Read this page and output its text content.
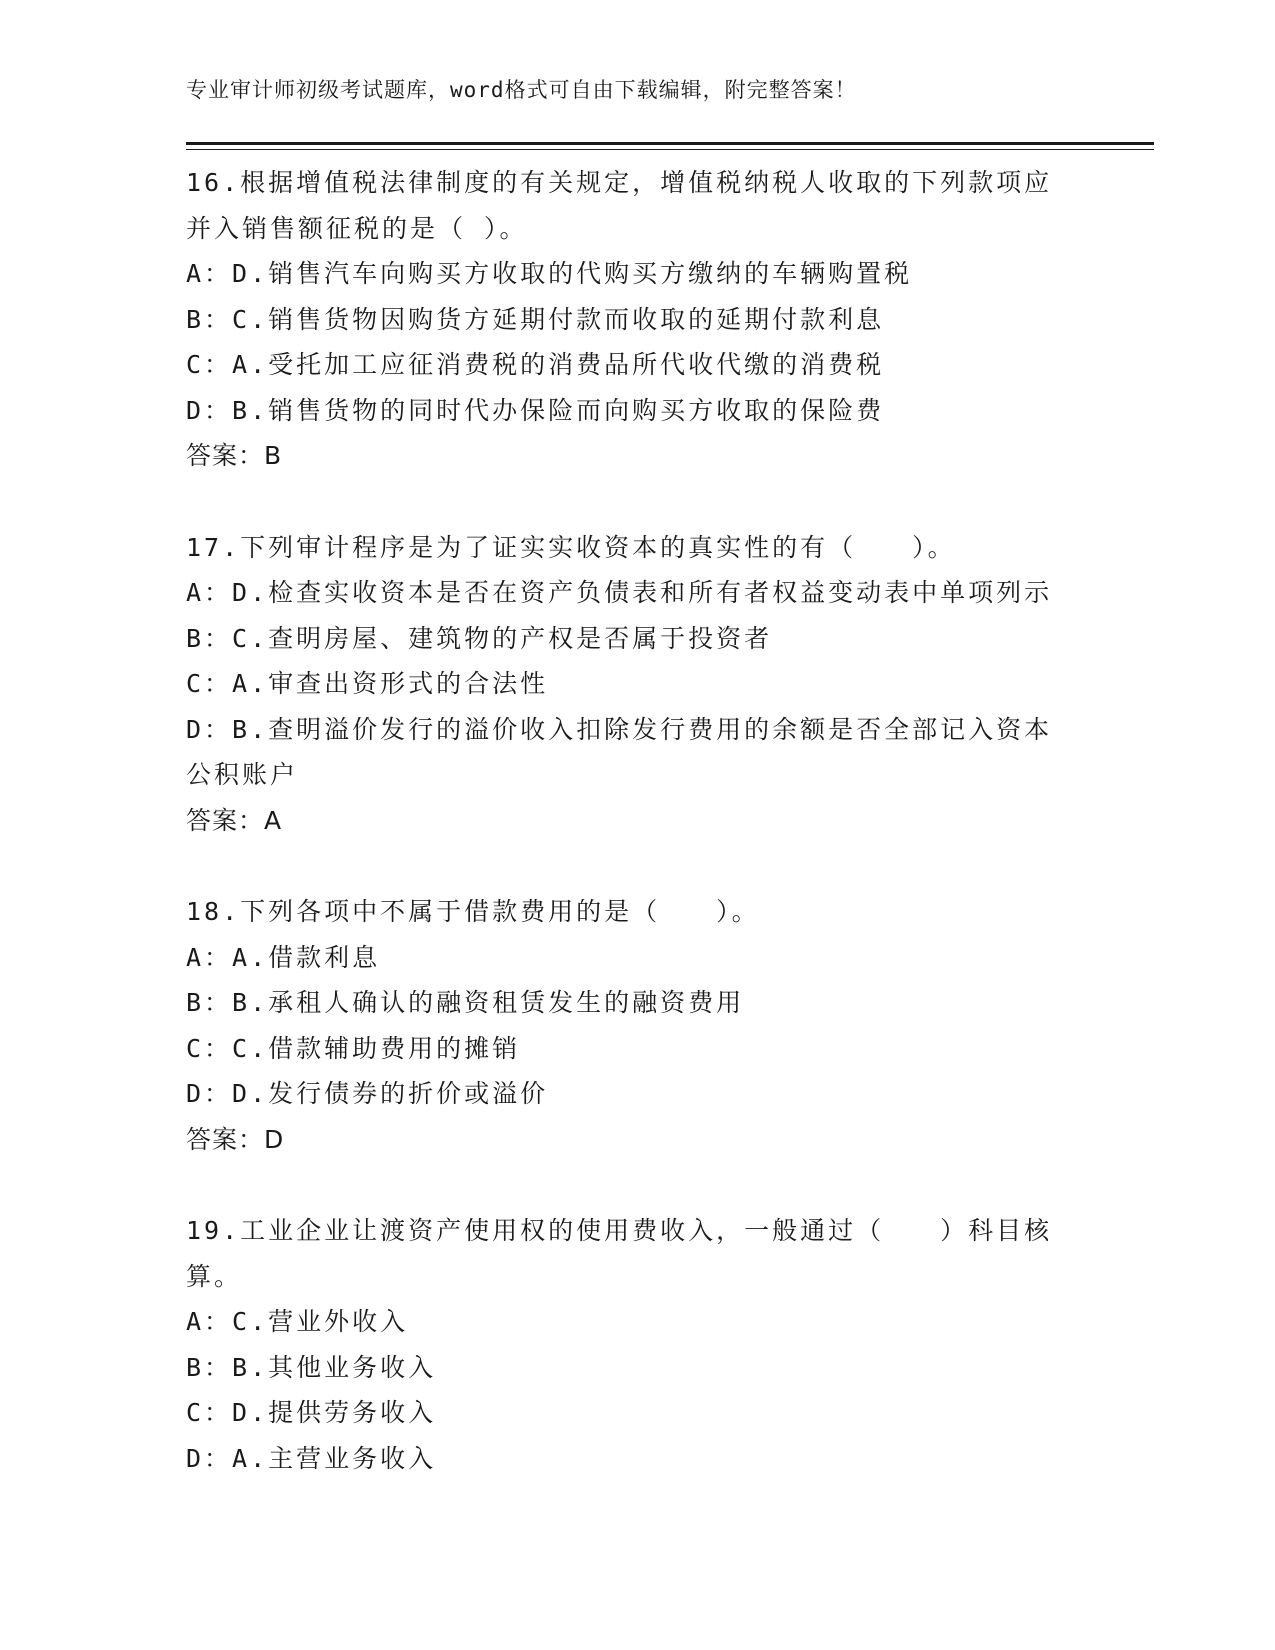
专业审计师初级考试题库，word格式可自由下载编辑，附完整答案！
16.根据增值税法律制度的有关规定，增值税纳税人收取的下列款项应
并入销售额征税的是（ ）。
A：D.销售汽车向购买方收取的代购买方缴纳的车辆购置税
B：C.销售货物因购货方延期付款而收取的延期付款利息
C：A.受托加工应征消费税的消费品所代收代缴的消费税
D：B.销售货物的同时代办保险而向购买方收取的保险费
答案：B
17.下列审计程序是为了证实实收资本的真实性的有（　　）。
A：D.检查实收资本是否在资产负债表和所有者权益变动表中单项列示
B：C.查明房屋、建筑物的产权是否属于投资者
C：A.审查出资形式的合法性
D：B.查明溢价发行的溢价收入扣除发行费用的余额是否全部记入资本
公积账户
答案：A
18.下列各项中不属于借款费用的是（　　）。
A：A.借款利息
B：B.承租人确认的融资租赁发生的融资费用
C：C.借款辅助费用的摊销
D：D.发行债券的折价或溢价
答案：D
19.工业企业让渡资产使用权的使用费收入，一般通过（　　）科目核
算。
A：C.营业外收入
B：B.其他业务收入
C：D.提供劳务收入
D：A.主营业务收入
